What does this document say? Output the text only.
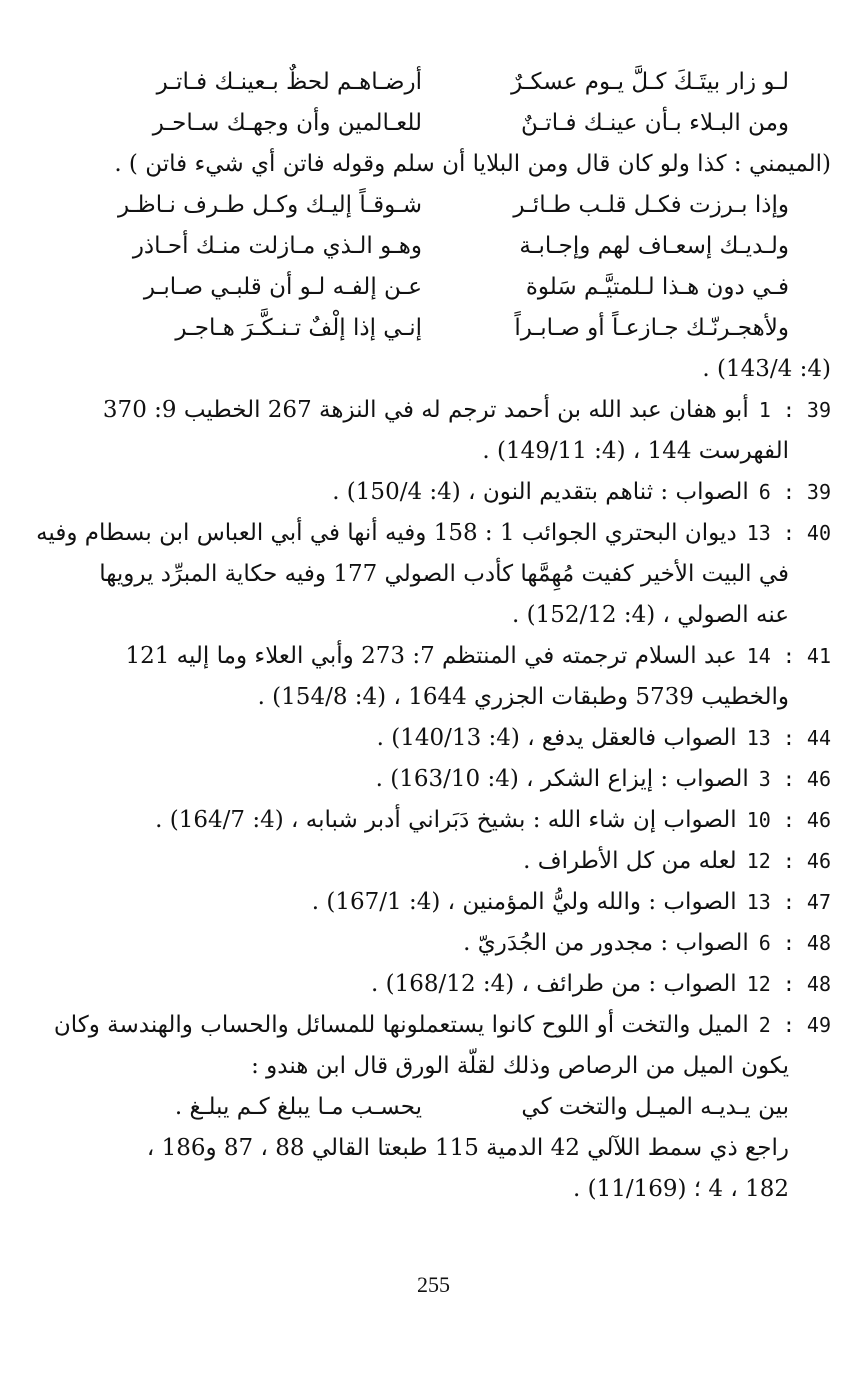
لـو زار بيتَـكَ كـلَّ يـوم عسكـرٌ
أرضـاهـم لحظٌ بـعينـك فـاتـر
ومن البـلاء بـأن عينـك فـاتـنٌ
للعـالمين وأن وجهـك سـاحـر
(الميمني : كذا ولو كان قال ومن البلايا أن سلم وقوله فاتن أي شيء فاتن ) .
وإذا بـرزت فكـل قلـب طـائـر
شـوقـاً إليـك وكـل طـرف نـاظـر
ولـديـك إسعـاف لهم وإجـابـة
وهـو الـذي مـازلت منـك أحـاذر
فـي دون هـذا لـلمتيَّـم سَلوة
عـن إلفـه لـو أن قلبـي صـابـر
ولأهجـرنّـك جـازعـاً أو صـابـراً
إنـي إذا إلْفٌ تـنـكَّـرَ هـاجـر
(4: 143/4) .
39 : 1أبو هفان عبد الله بن أحمد ترجم له في النزهة 267 الخطيب 9: 370
الفهرست 144 ، (4: 149/11) .
39 : 6الصواب : ثناهم بتقديم النون ، (4: 150/4) .
40 : 13ديوان البحتري الجوائب 1 : 158 وفيه أنها في أبي العباس ابن بسطام وفيه
في البيت الأخير كفيت مُهِمَّها كأدب الصولي 177 وفيه حكاية المبرِّد يرويها
عنه الصولي ، (4: 152/12) .
41 : 14عبد السلام ترجمته في المنتظم 7: 273 وأبي العلاء وما إليه 121
والخطيب 5739 وطبقات الجزري 1644 ، (4: 154/8) .
44 : 13الصواب فالعقل يدفع ، (4: 140/13) .
46 : 3الصواب : إيزاع الشكر ، (4: 163/10) .
46 : 10الصواب إن شاء الله : بشيخ دَبَراني أدبر شبابه ، (4: 164/7) .
46 : 12لعله من كل الأطراف .
47 : 13الصواب : والله وليُّ المؤمنين ، (4: 167/1) .
48 : 6الصواب : مجدور من الجُدَريّ .
48 : 12الصواب : من طرائف ، (4: 168/12) .
49 : 2الميل والتخت أو اللوح كانوا يستعملونها للمسائل والحساب والهندسة وكان
يكون الميل من الرصاص وذلك لقلّة الورق قال ابن هندو :
بين يـديـه الميـل والتخت كي
يحسـب مـا يبلغ كـم يبلـغ .
راجع ذي سمط اللآلي 42 الدمية 115 طبعتا القالي 88 ، 87 و186 ،
182 ، 4 ؛ (11/169) .
255
